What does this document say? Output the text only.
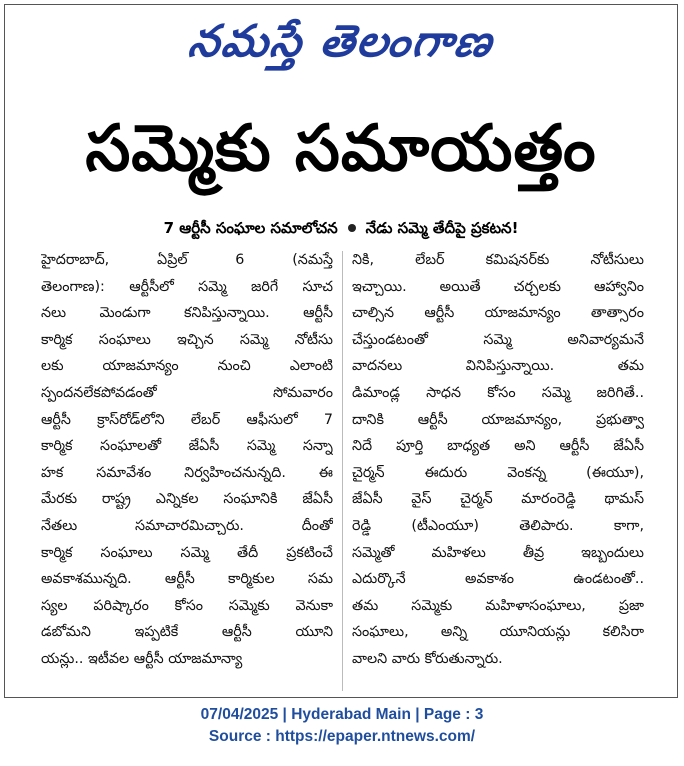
నమస్తే తెలంగాణ
సమ్మెకు సమాయత్తం
7 ఆర్టీసీ సంఘాల సమాలోచన నేడు సమ్మె తేదీపై ప్రకటన!
హైదరాబాద్, ఏప్రిల్ 6 (నమస్తే
తెలంగాణ): ఆర్టీసీలో సమ్మె జరిగే సూచ
నలు మెండుగా కనిపిస్తున్నాయి. ఆర్టీసీ
కార్మిక సంఘాలు ఇచ్చిన సమ్మె నోటీసు
లకు యాజమాన్యం నుంచి ఎలాంటి
స్పందనలేకపోవడంతో సోమవారం
ఆర్టీసీ క్రాస్‌రోడ్‌లోని లేబర్ ఆఫీసులో 7
కార్మిక సంఘాలతో జేఏసీ సమ్మె సన్నా
హక సమావేశం నిర్వహించనున్నది. ఈ
మేరకు రాష్ట్ర ఎన్నికల సంఘానికి జేఏసీ
నేతలు సమాచారమిచ్చారు. దీంతో
కార్మిక సంఘాలు సమ్మె తేదీ ప్రకటించే
అవకాశమున్నది. ఆర్టీసీ కార్మికుల సమ
స్యల పరిష్కారం కోసం సమ్మెకు వెనుకా
డబోమని ఇప్పటికే ఆర్టీసీ యూని
యన్లు.. ఇటీవల ఆర్టీసీ యాజమాన్యా
నికి, లేబర్ కమిషనర్‌కు నోటీసులు
ఇచ్చాయి. అయితే చర్చలకు ఆహ్వానిం
చాల్సిన ఆర్టీసీ యాజమాన్యం తాత్సారం
చేస్తుండటంతో సమ్మె అనివార్యమనే
వాదనలు వినిపిస్తున్నాయి. తమ
డిమాండ్ల సాధన కోసం సమ్మె జరిగితే..
దానికి ఆర్టీసీ యాజమాన్యం, ప్రభుత్వా
నిదే పూర్తి బాధ్యత అని ఆర్టీసీ జేఏసీ
చైర్మన్ ఈదురు వెంకన్న (ఈయూ),
జేఏసీ వైస్ చైర్మన్ మారంరెడ్డి థామస్
రెడ్డి (టీఎంయూ) తెలిపారు. కాగా,
సమ్మెతో మహిళలు తీవ్ర ఇబ్బందులు
ఎదుర్కొనే అవకాశం ఉండటంతో..
తమ సమ్మెకు మహిళాసంఘాలు, ప్రజా
సంఘాలు, అన్ని యూనియన్లు కలిసిరా
వాలని వారు కోరుతున్నారు.
07/04/2025 | Hyderabad Main | Page : 3
Source : https://epaper.ntnews.com/
